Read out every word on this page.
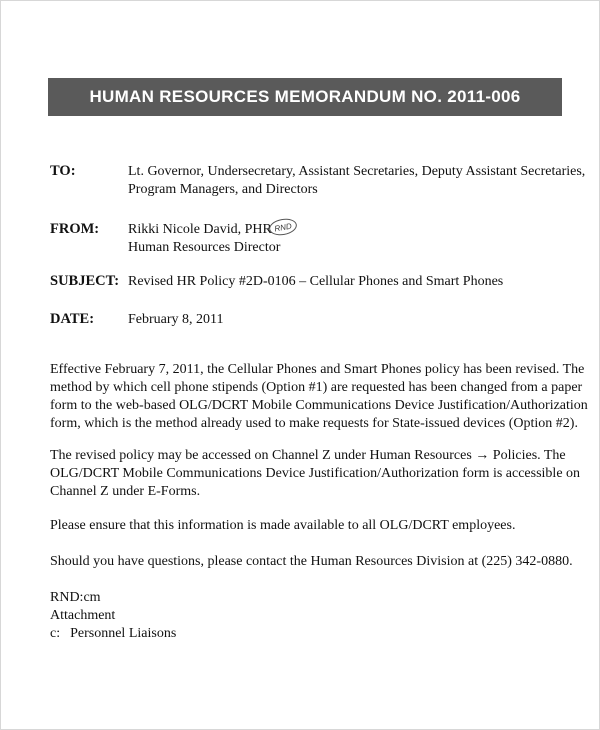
HUMAN RESOURCES MEMORANDUM NO. 2011-006
TO:	Lt. Governor, Undersecretary, Assistant Secretaries, Deputy Assistant Secretaries,
Program Managers, and Directors
FROM: Rikki Nicole David, PHR
Human Resources Director
RND
SUBJECT: Revised HR Policy #2D-0106 – Cellular Phones and Smart Phones
DATE: February 8, 2011
Effective February 7, 2011, the Cellular Phones and Smart Phones policy has been revised. The
method by which cell phone stipends (Option #1) are requested has been changed from a paper
form to the web-based OLG/DCRT Mobile Communications Device Justification/Authorization
form, which is the method already used to make requests for State-issued devices (Option #2).
The revised policy may be accessed on Channel Z under Human Resources → Policies. The
OLG/DCRT Mobile Communications Device Justification/Authorization form is accessible on
Channel Z under E-Forms.
Please ensure that this information is made available to all OLG/DCRT employees.
Should you have questions, please contact the Human Resources Division at (225) 342-0880.
RND:cm
Attachment
c: Personnel Liaisons
